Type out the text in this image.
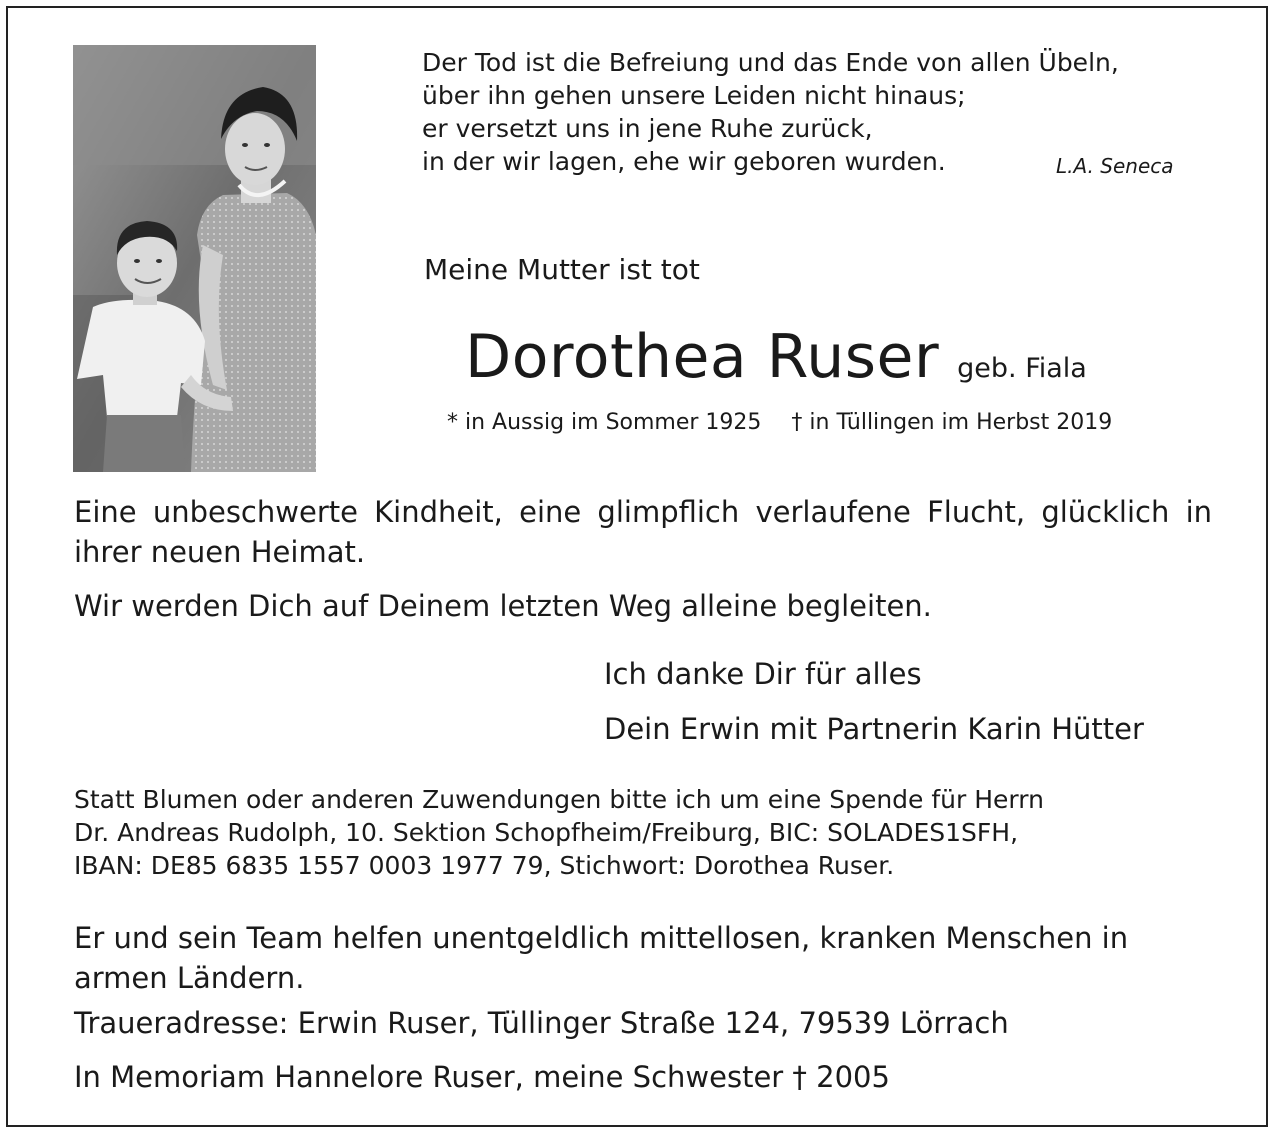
Der Tod ist die Befreiung und das Ende von allen Übeln,
über ihn gehen unsere Leiden nicht hinaus;
er versetzt uns in jene Ruhe zurück,
in der wir lagen, ehe wir geboren wurden.	L.A. Seneca
Meine Mutter ist tot
Dorothea Ruser geb. Fiala
* in Aussig im Sommer 1925 † in Tüllingen im Herbst 2019
Eine unbeschwerte Kindheit, eine glimpflich verlaufene Flucht, glücklich in ihrer neuen Heimat.
Wir werden Dich auf Deinem letzten Weg alleine begleiten.
Ich danke Dir für alles
Dein Erwin mit Partnerin Karin Hütter
Statt Blumen oder anderen Zuwendungen bitte ich um eine Spende für Herrn
Dr. Andreas Rudolph, 10. Sektion Schopfheim/Freiburg, BIC: SOLADES1SFH,
IBAN: DE85 6835 1557 0003 1977 79, Stichwort: Dorothea Ruser.
Er und sein Team helfen unentgeldlich mittellosen, kranken Menschen in armen Ländern.
Traueradresse: Erwin Ruser, Tüllinger Straße 124, 79539 Lörrach
In Memoriam Hannelore Ruser, meine Schwester † 2005
